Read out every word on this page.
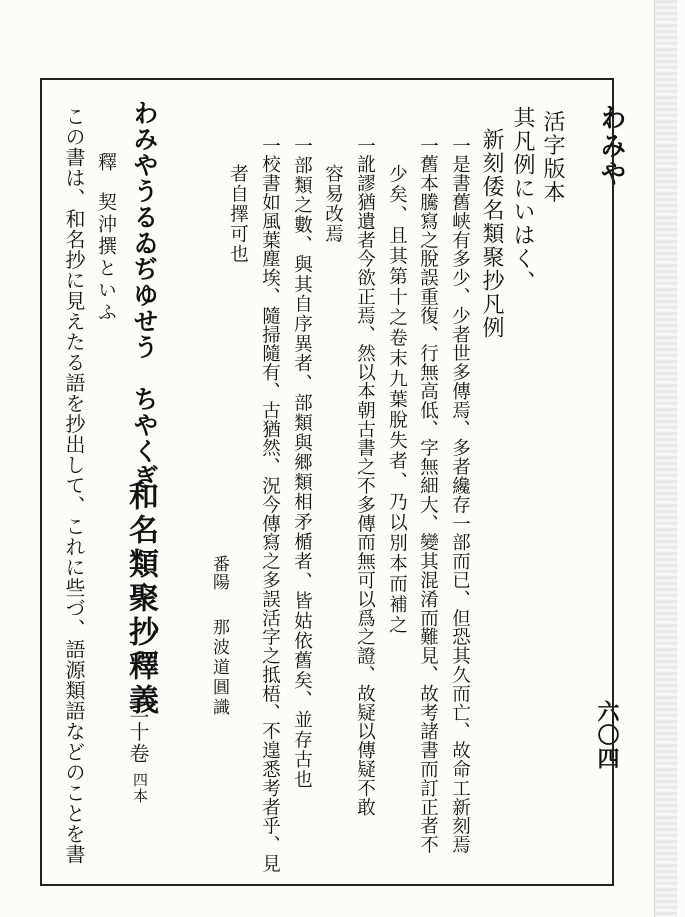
わみや
六〇四
活字版本
其凡例にいはく、
新刻倭名類聚抄凡例
一是書舊峡有多少、少者世多傳焉、多者纔存一部而已、但恐其久而亡、故命工新刻焉
一舊本騰寫之脫誤重復、行無高低、字無細大、變其混淆而難見、故考諸書而訂正者不
少矣、且其第十之卷末九葉脫失者、乃以別本而補之
一訛謬猶遺者今欲正焉、然以本朝古書之不多傳而無可以爲之證、故疑以傳疑不敢
容易改焉
一部類之數、與其自序異者、部類與郷類相矛楯者、皆姑依舊矣、並存古也
一校書如風葉塵埃、隨掃隨有、古猶然、況今傳寫之多誤活字之抵梧、不遑悉考者乎、見
者自擇可也
番陽
那波道圓識
わみやうるゐぢゆせう　ちやくぎ
和名類聚抄釋義
二十卷
四本
釋
契沖撰といふ
この書は、和名抄に見えたる語を抄出して、これに些づ、語源類語などのことを書
